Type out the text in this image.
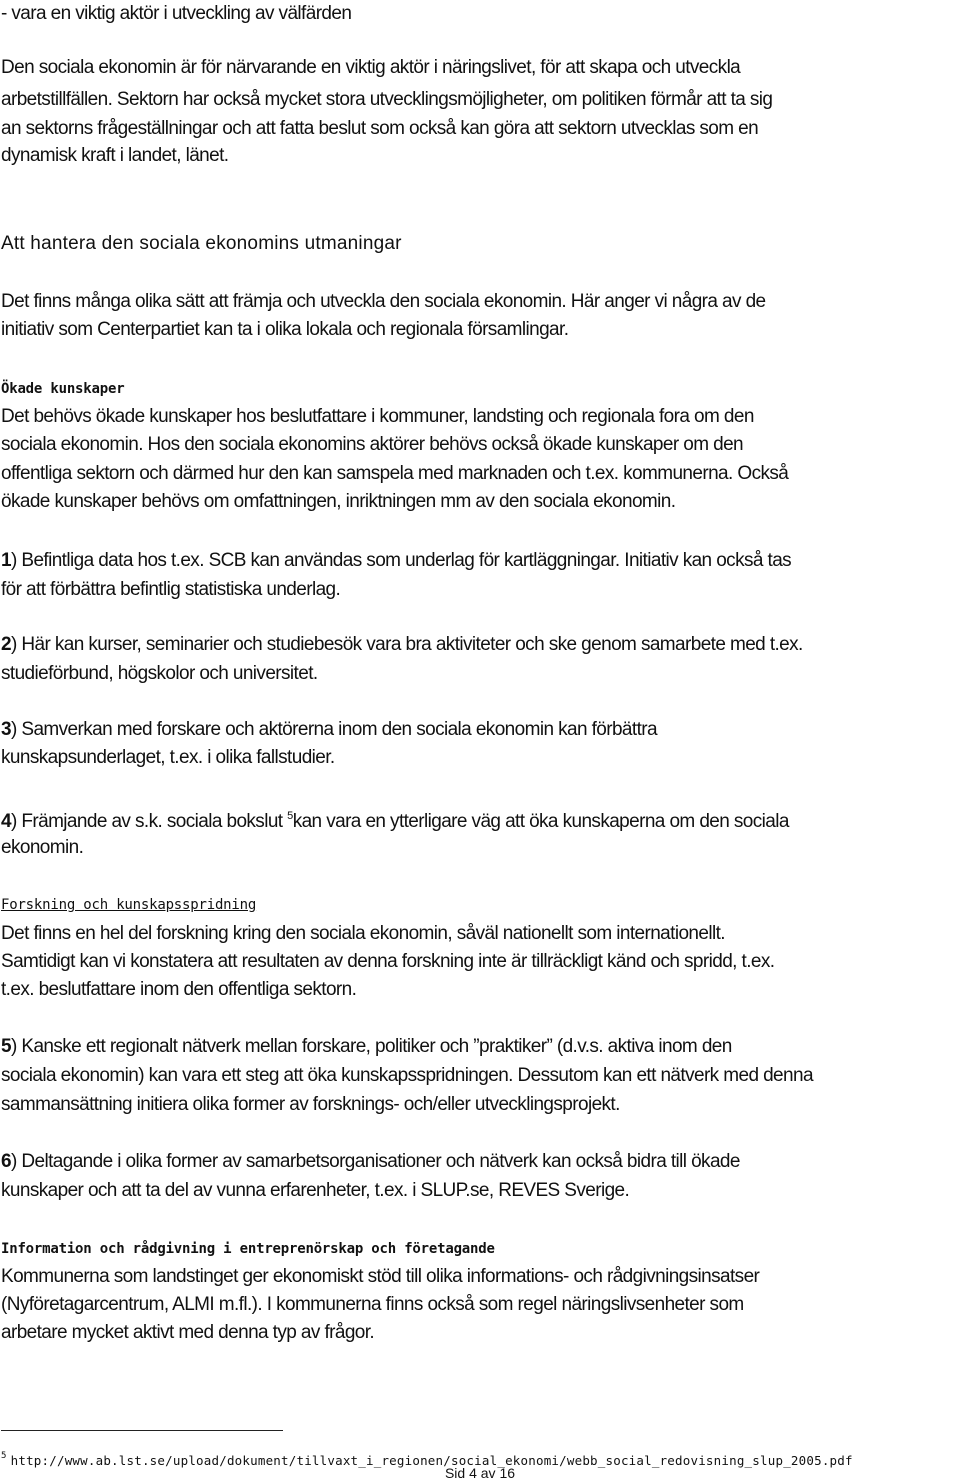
- vara en viktig aktör i utveckling av välfärden

Den sociala ekonomin är för närvarande en viktig aktör i näringslivet, för att skapa och utveckla

arbetstillfällen. Sektorn har också mycket stora utvecklingsmöjligheter, om politiken förmår att ta sig

an sektorns frågeställningar och att fatta beslut som också kan göra att sektorn utvecklas som en

dynamisk kraft i landet, länet.

Att hantera den sociala ekonomins utmaningar

Det finns många olika sätt att främja och utveckla den sociala ekonomin. Här anger vi några av de

initiativ som Centerpartiet kan ta i olika lokala och regionala församlingar.

Ökade kunskaper

Det behövs ökade kunskaper hos beslutfattare i kommuner, landsting och regionala fora om den

sociala ekonomin. Hos den sociala ekonomins aktörer behövs också ökade kunskaper om den

offentliga sektorn och därmed hur den kan samspela med marknaden och t.ex. kommunerna. Också

ökade kunskaper behövs om omfattningen, inriktningen mm av den sociala ekonomin.

1) Befintliga data hos t.ex. SCB kan användas som underlag för kartläggningar. Initiativ kan också tas

för att förbättra befintlig statistiska underlag.

2) Här kan kurser, seminarier och studiebesök vara bra aktiviteter och ske genom samarbete med t.ex.

studieförbund, högskolor och universitet.

3) Samverkan med forskare och aktörerna inom den sociala ekonomin kan förbättra

kunskapsunderlaget, t.ex. i olika fallstudier.

4) Främjande av s.k. sociala bokslut $^5$kan vara en ytterligare väg att öka kunskaperna om den sociala

ekonomin.

Forskning och kunskapsspridning

Det finns en hel del forskning kring den sociala ekonomin, såväl nationellt som internationellt.

Samtidigt kan vi konstatera att resultaten av denna forskning inte är tillräckligt känd och spridd, t.ex.

t.ex. beslutfattare inom den offentliga sektorn.

5) Kanske ett regionalt nätverk mellan forskare, politiker och ”praktiker” (d.v.s. aktiva inom den

sociala ekonomin) kan vara ett steg att öka kunskapsspridningen. Dessutom kan ett nätverk med denna

sammansättning initiera olika former av forsknings- och/eller utvecklingsprojekt.

6) Deltagande i olika former av samarbetsorganisationer och nätverk kan också bidra till ökade

kunskaper och att ta del av vunna erfarenheter, t.ex. i SLUP.se, REVES Sverige.

Information och rådgivning i entreprenörskap och företagande

Kommunerna som landstinget ger ekonomiskt stöd till olika informations- och rådgivningsinsatser

(Nyföretagarcentrum, ALMI m.fl.). I kommunerna finns också som regel näringslivsenheter som

arbetare mycket aktivt med denna typ av frågor.

$^5$ http://www.ab.lst.se/upload/dokument/tillvaxt_i_regionen/social_ekonomi/webb_social_redovisning_slup_2005.pdf
Sid 4 av 16
